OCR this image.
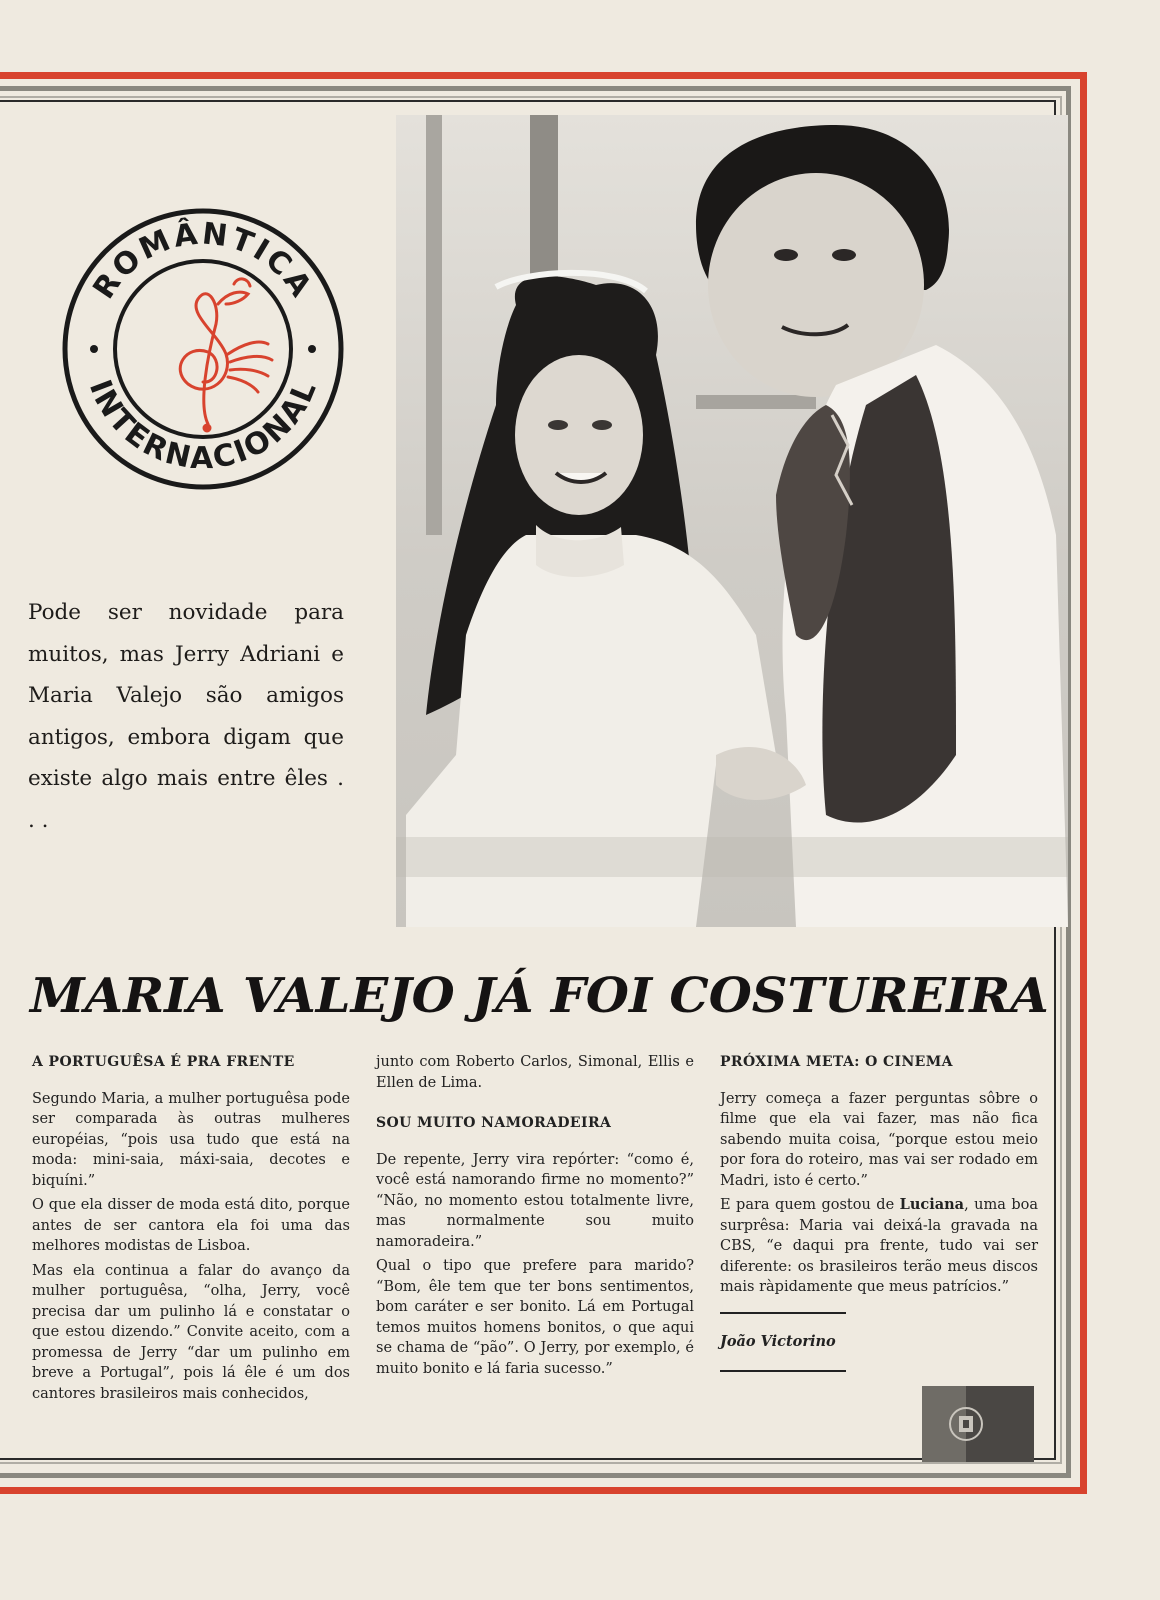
ROMÂNTICA
INTERNACIONAL
Pode ser novidade para muitos, mas Jerry Adriani e Maria Valejo são amigos antigos, embora digam que existe algo mais entre êles . . .
MARIA VALEJO JÁ FOI COSTUREIRA
A PORTUGUÊSA É PRA FRENTE

Segundo Maria, a mulher portuguêsa pode ser comparada às outras mulheres européias, “pois usa tudo que está na moda: mini-saia, máxi-saia, decotes e biquíni.”

O que ela disser de moda está dito, porque antes de ser cantora ela foi uma das melhores modistas de Lisboa.

Mas ela continua a falar do avanço da mulher portuguêsa, “olha, Jerry, você precisa dar um pulinho lá e constatar o que estou dizendo.” Convite aceito, com a promessa de Jerry “dar um pulinho em breve a Portugal”, pois lá êle é um dos cantores brasileiros mais conhecidos,

junto com Roberto Carlos, Simonal, Ellis e Ellen de Lima.

SOU MUITO NAMORADEIRA

De repente, Jerry vira repórter: “como é, você está namorando firme no momento?” “Não, no momento estou totalmente livre, mas normalmente sou muito namoradeira.”

Qual o tipo que prefere para marido? “Bom, êle tem que ter bons sentimentos, bom caráter e ser bonito. Lá em Portugal temos muitos homens bonitos, o que aqui se chama de “pão”. O Jerry, por exemplo, é muito bonito e lá faria sucesso.”

PRÓXIMA META: O CINEMA

Jerry começa a fazer perguntas sôbre o filme que ela vai fazer, mas não fica sabendo muita coisa, “porque estou meio por fora do roteiro, mas vai ser rodado em Madri, isto é certo.”

E para quem gostou de Luciana, uma boa surprêsa: Maria vai deixá-la gravada na CBS, “e daqui pra frente, tudo vai ser diferente: os brasileiros terão meus discos mais ràpidamente que meus patrícios.”

João Victorino
